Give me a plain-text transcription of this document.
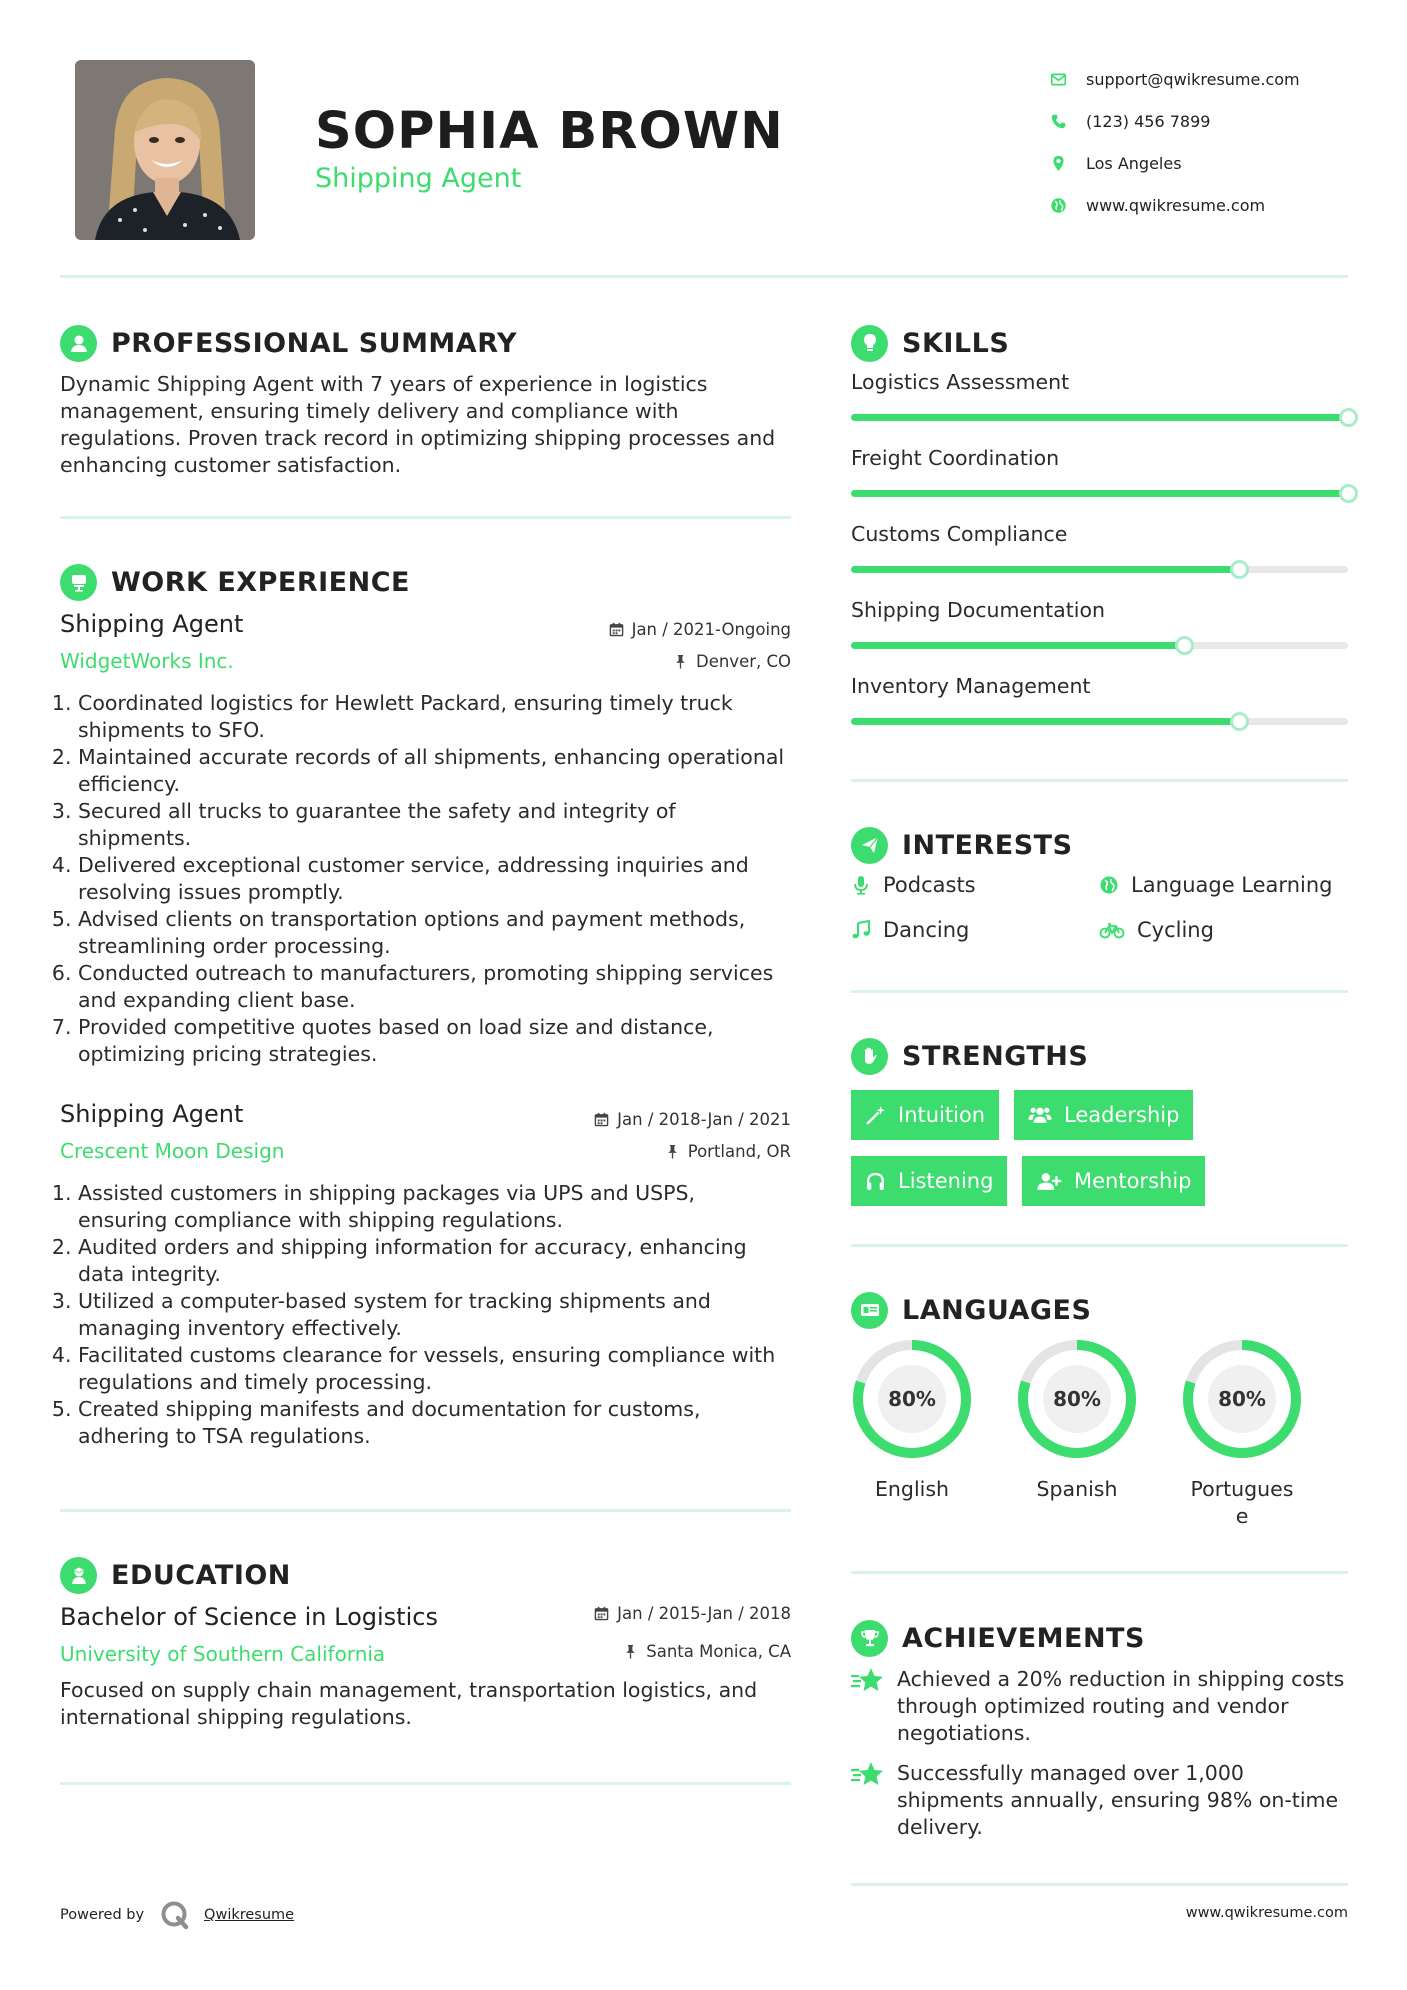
SOPHIA BROWN
Shipping Agent
support@qwikresume.com
(123) 456 7899
Los Angeles
www.qwikresume.com
PROFESSIONAL SUMMARY
Dynamic Shipping Agent with 7 years of experience in logistics management, ensuring timely delivery and compliance with regulations. Proven track record in optimizing shipping processes and enhancing customer satisfaction.
WORK EXPERIENCE
Shipping Agent	Jan / 2021-Ongoing
WidgetWorks Inc.	Denver, CO
1. Coordinated logistics for Hewlett Packard, ensuring timely truck shipments to SFO.
2. Maintained accurate records of all shipments, enhancing operational efficiency.
3. Secured all trucks to guarantee the safety and integrity of shipments.
4. Delivered exceptional customer service, addressing inquiries and resolving issues promptly.
5. Advised clients on transportation options and payment methods, streamlining order processing.
6. Conducted outreach to manufacturers, promoting shipping services and expanding client base.
7. Provided competitive quotes based on load size and distance, optimizing pricing strategies.
Shipping Agent	Jan / 2018-Jan / 2021
Crescent Moon Design	Portland, OR
1. Assisted customers in shipping packages via UPS and USPS, ensuring compliance with shipping regulations.
2. Audited orders and shipping information for accuracy, enhancing data integrity.
3. Utilized a computer-based system for tracking shipments and managing inventory effectively.
4. Facilitated customs clearance for vessels, ensuring compliance with regulations and timely processing.
5. Created shipping manifests and documentation for customs, adhering to TSA regulations.
EDUCATION
Bachelor of Science in Logistics	Jan / 2015-Jan / 2018
University of Southern California	Santa Monica, CA
Focused on supply chain management, transportation logistics, and international shipping regulations.
SKILLS
Logistics Assessment
Freight Coordination
Customs Compliance
Shipping Documentation
Inventory Management
INTERESTS
Podcasts	Language Learning
Dancing	Cycling
STRENGTHS
Intuition	Leadership
Listening	Mentorship
LANGUAGES
80%
English
80%
Spanish
80%
Portugues
e
ACHIEVEMENTS
Achieved a 20% reduction in shipping costs through optimized routing and vendor negotiations.
Successfully managed over 1,000 shipments annually, ensuring 98% on-time delivery.
Powered by	Qwikresume	www.qwikresume.com
